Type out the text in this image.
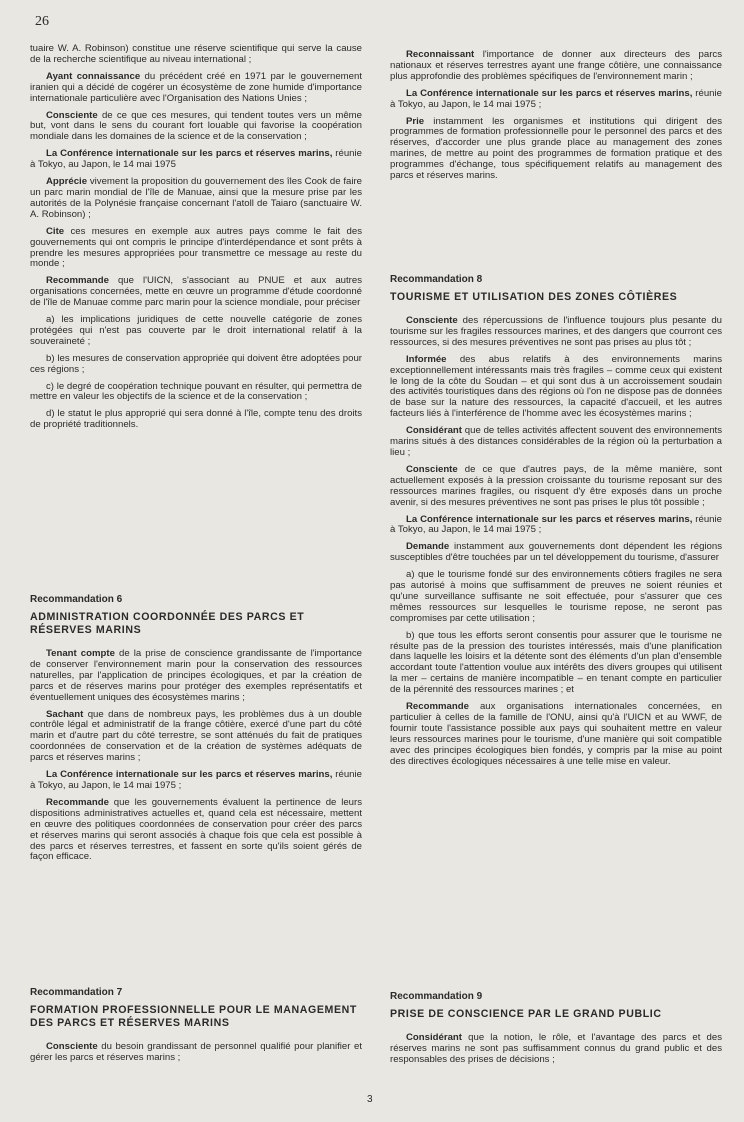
26

tuaire W. A. Robinson) constitue une réserve scientifique qui serve la cause de la recherche scientifique au niveau international ;

Ayant connaissance du précédent créé en 1971 par le gouvernement iranien qui a décidé de cogérer un écosystème de zone humide d'importance internationale particulière avec l'Organisation des Nations Unies ;

Consciente de ce que ces mesures, qui tendent toutes vers un même but, vont dans le sens du courant fort louable qui favorise la coopération mondiale dans les domaines de la science et de la conservation ;

La Conférence internationale sur les parcs et réserves marins, réunie à Tokyo, au Japon, le 14 mai 1975

Apprécie vivement la proposition du gouvernement des îles Cook de faire un parc marin mondial de l'île de Manuae, ainsi que la mesure prise par les autorités de la Polynésie française concernant l'atoll de Taiaro (sanctuaire W. A. Robinson) ;

Cite ces mesures en exemple aux autres pays comme le fait des gouvernements qui ont compris le principe d'interdépendance et sont prêts à prendre les mesures appropriées pour transmettre ce message au reste du monde ;

Recommande que l'UICN, s'associant au PNUE et aux autres organisations concernées, mette en œuvre un programme d'étude coordonné de l'île de Manuae comme parc marin pour la science mondiale, pour préciser

a) les implications juridiques de cette nouvelle catégorie de zones protégées qui n'est pas couverte par le droit international relatif à la souveraineté ;

b) les mesures de conservation appropriée qui doivent être adoptées pour ces régions ;

c) le degré de coopération technique pouvant en résulter, qui permettra de mettre en valeur les objectifs de la science et de la conservation ;

d) le statut le plus approprié qui sera donné à l'île, compte tenu des droits de propriété traditionnels.

Recommandation 6
ADMINISTRATION COORDONNÉE DES PARCS ET RÉSERVES MARINS

Tenant compte de la prise de conscience grandissante de l'importance de conserver l'environnement marin pour la conservation des ressources naturelles, par l'application de principes écologiques, et par la création de parcs et de réserves marins pour protéger des exemples représentatifs et éventuellement uniques des écosystèmes marins ;

Sachant que dans de nombreux pays, les problèmes dus à un double contrôle légal et administratif de la frange côtière, exercé d'une part du côté marin et d'autre part du côté terrestre, se sont atténués du fait de pratiques coordonnées de conservation et de la création de systèmes adéquats de parcs et réserves marins ;

La Conférence internationale sur les parcs et réserves marins, réunie à Tokyo, au Japon, le 14 mai 1975 ;

Recommande que les gouvernements évaluent la pertinence de leurs dispositions administratives actuelles et, quand cela est nécessaire, mettent en œuvre des politiques coordonnées de conservation pour créer des parcs et réserves marins qui seront associés à chaque fois que cela est possible à des parcs et réserves terrestres, et fassent en sorte qu'ils soient gérés de façon efficace.

Recommandation 7
FORMATION PROFESSIONNELLE POUR LE MANAGEMENT DES PARCS ET RÉSERVES MARINS

Consciente du besoin grandissant de personnel qualifié pour planifier et gérer les parcs et réserves marins ;

Reconnaissant l'importance de donner aux directeurs des parcs nationaux et réserves terrestres ayant une frange côtière, une connaissance plus approfondie des problèmes spécifiques de l'environnement marin ;

La Conférence internationale sur les parcs et réserves marins, réunie à Tokyo, au Japon, le 14 mai 1975 ;

Prie instamment les organismes et institutions qui dirigent des programmes de formation professionnelle pour le personnel des parcs et des réserves, d'accorder une plus grande place au management des zones marines, de mettre au point des programmes de formation pratique et des programmes d'échange, tous spécifiquement relatifs au management des parcs et réserves marins.

Recommandation 8
TOURISME ET UTILISATION DES ZONES CÔTIÈRES

Consciente des répercussions de l'influence toujours plus pesante du tourisme sur les fragiles ressources marines, et des dangers que courront ces ressources, si des mesures préventives ne sont pas prises au plus tôt ;

Informée des abus relatifs à des environnements marins exceptionnellement intéressants mais très fragiles – comme ceux qui existent le long de la côte du Soudan – et qui sont dus à un accroissement soudain des activités touristiques dans des régions où l'on ne dispose pas de données de base sur la nature des ressources, la capacité d'accueil, et les autres facteurs liés à l'interférence de l'homme avec les écosystèmes marins ;

Considérant que de telles activités affectent souvent des environnements marins situés à des distances considérables de la région où la perturbation a lieu ;

Consciente de ce que d'autres pays, de la même manière, sont actuellement exposés à la pression croissante du tourisme reposant sur des ressources marines fragiles, ou risquent d'y être exposés dans un proche avenir, si des mesures préventives ne sont pas prises le plus tôt possible ;

La Conférence internationale sur les parcs et réserves marins, réunie à Tokyo, au Japon, le 14 mai 1975 ;

Demande instamment aux gouvernements dont dépendent les régions susceptibles d'être touchées par un tel développement du tourisme, d'assurer

a) que le tourisme fondé sur des environnements côtiers fragiles ne sera pas autorisé à moins que suffisamment de preuves ne soient réunies et qu'une surveillance suffisante ne soit effectuée, pour s'assurer que ces mêmes ressources sur lesquelles le tourisme repose, ne seront pas compromises par cette utilisation ;

b) que tous les efforts seront consentis pour assurer que le tourisme ne résulte pas de la pression des touristes intéressés, mais d'une planification dans laquelle les loisirs et la détente sont des éléments d'un plan d'ensemble accordant toute l'attention voulue aux intérêts des divers groupes qui utilisent la mer – certains de manière incompatible – en tenant compte en particulier de la pérennité des ressources marines ; et

Recommande aux organisations internationales concernées, en particulier à celles de la famille de l'ONU, ainsi qu'à l'UICN et au WWF, de fournir toute l'assistance possible aux pays qui souhaitent mettre en valeur leurs ressources marines pour le tourisme, d'une manière qui soit compatible avec des principes écologiques bien fondés, y compris par la mise au point des directives écologiques nécessaires à une telle mise en valeur.

Recommandation 9
PRISE DE CONSCIENCE PAR LE GRAND PUBLIC

Considérant que la notion, le rôle, et l'avantage des parcs et des réserves marins ne sont pas suffisamment connus du grand public et des responsables des prises de décisions ;

3
